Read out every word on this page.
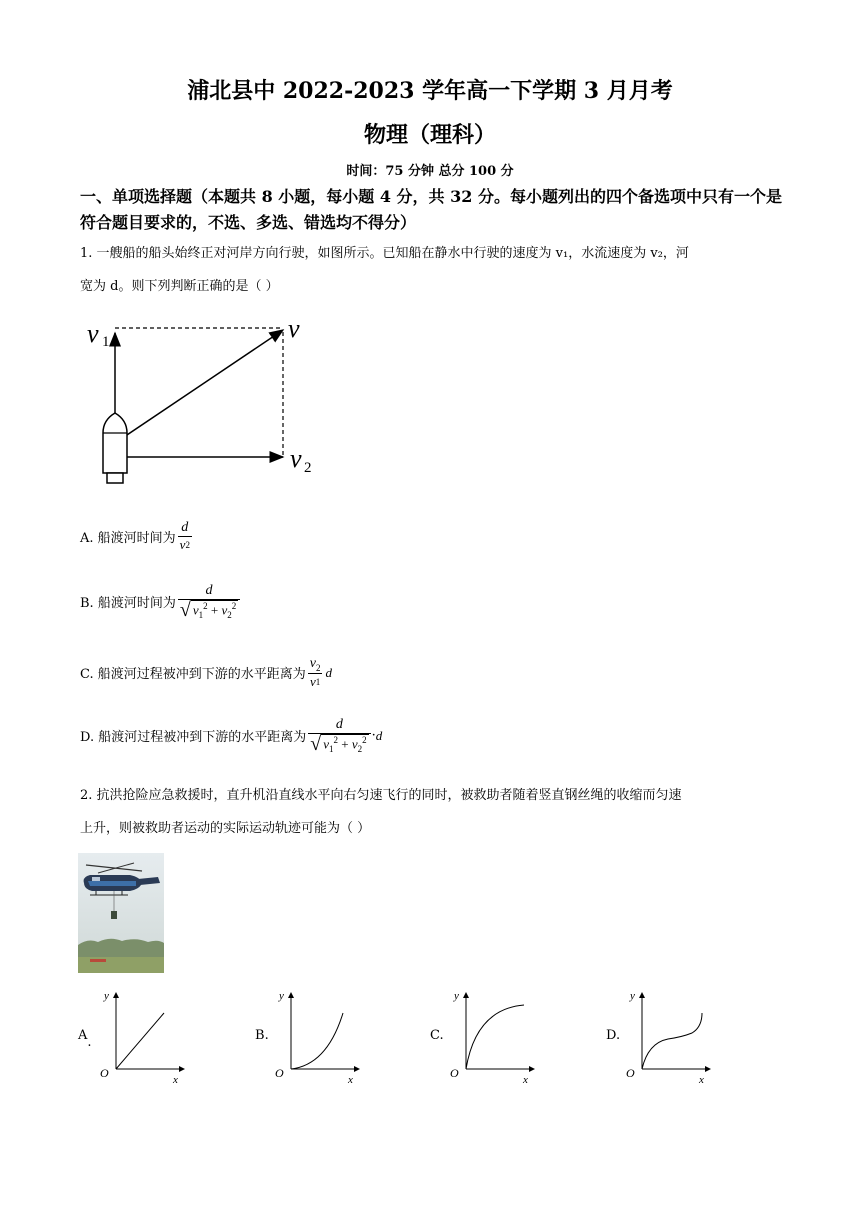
浦北县中 2022-2023 学年高一下学期 3 月月考
物理（理科）
时间：75 分钟 总分 100 分
一、单项选择题（本题共 8 小题，每小题 4 分，共 32 分。每小题列出的四个备选项中只有一个是符合题目要求的，不选、多选、错选均不得分）
1. 一艘船的船头始终正对河岸方向行驶，如图所示。已知船在静水中行驶的速度为 v₁，水流速度为 v₂，河
宽为 d。则下列判断正确的是（ ）
v 1	v
v 2
A. 船渡河时间为 $\frac{d}{v 2}$
B. 船渡河时间为 $\frac{d}{√ v_1^2 + v_2^2}$
C. 船渡河过程被冲到下游的水平距离为 $\frac{v_2}{v 1}$ d
D. 船渡河过程被冲到下游的水平距离为 $\frac{d}{√ v_1^2 + v_2^2} \cdot d$
2. 抗洪抢险应急救援时，直升机沿直线水平向右匀速飞行的同时，被救助者随着竖直钢丝绳的收缩而匀速
上升，则被救助者运动的实际运动轨迹可能为（ ）
A.
y
O	x
B.
y
O	x
C.
y
O	x
D.
y
O	x
